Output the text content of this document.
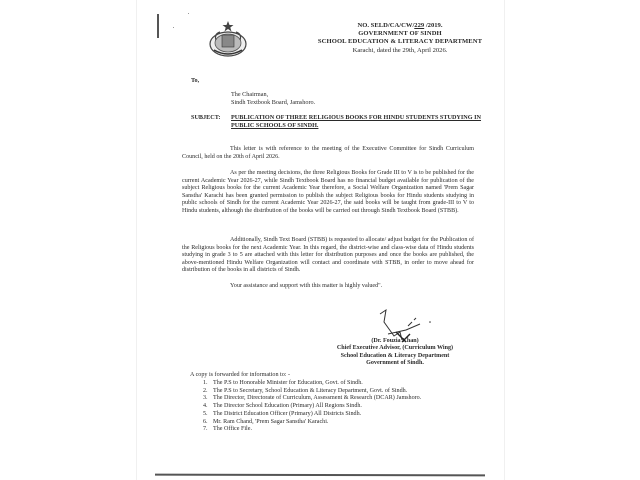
NO. SELD/CA/CW/229 /2019.
GOVERNMENT OF SINDH
SCHOOL EDUCATION & LITERACY DEPARTMENT
Karachi, dated the 29th, April 2026.
To,
The Chairman,
Sindh Textbook Board, Jamshoro.
SUBJECT: PUBLICATION OF THREE RELIGIOUS BOOKS FOR HINDU STUDENTS STUDYING IN PUBLIC SCHOOLS OF SINDH.
This letter is with reference to the meeting of the Executive Committee for Sindh Curriculum Council, held on the 20th of April 2026.
As per the meeting decisions, the three Religious Books for Grade III to V is to be published for the current Academic Year 2026-27, while Sindh Textbook Board has no financial budget available for publication of the subject Religious books for the current Academic Year therefore, a Social Welfare Organization named 'Prem Sagar Sanstha' Karachi has been granted permission to publish the subject Religious books for Hindu students studying in public schools of Sindh for the current Academic Year 2026-27, the said books will be taught from grade-III to V to Hindu students, although the distribution of the books will be carried out through Sindh Textbook Board (STBB).
Additionally, Sindh Text Board (STBB) is requested to allocate/ adjust budget for the Publication of the Religious books for the next Academic Year. In this regard, the district-wise and class-wise data of Hindu students studying in grade 3 to 5 are attached with this letter for distribution purposes and once the books are published, the above-mentioned Hindu Welfare Organization will contact and coordinate with STBB, in order to move ahead for distribution of the books in all districts of Sindh.
Your assistance and support with this matter is highly valued".
(Dr. Fouzia Khan)
Chief Executive Advisor, (Curriculum Wing)
School Education & Literacy Department
Government of Sindh.
A copy is forwarded for information to: -
1. The P.S to Honorable Minister for Education, Govt. of Sindh.
2. The P.S to Secretary, School Education & Literacy Department, Govt. of Sindh.
3. The Director, Directorate of Curriculum, Assessment & Research (DCAR) Jamshoro.
4. The Director School Education (Primary) All Regions Sindh.
5. The District Education Officer (Primary) All Districts Sindh.
6. Mr. Ram Chand, 'Prem Sagar Sanstha' Karachi.
7. The Office File.
